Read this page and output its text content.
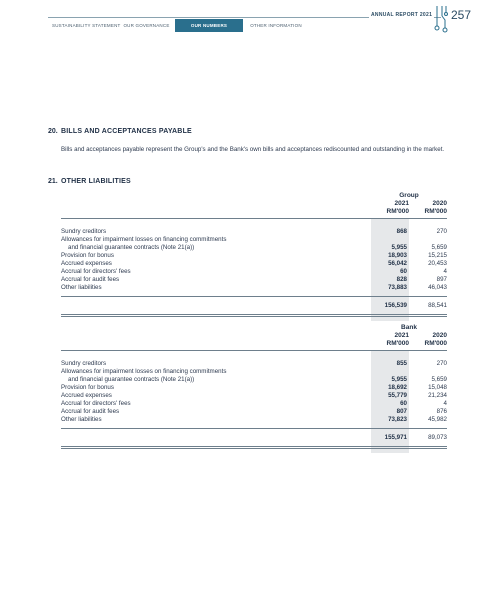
ANNUAL REPORT 2021 257
SUSTAINABILITY STATEMENT OUR GOVERNANCE	OUR NUMBERS	OTHER INFORMATION
20. BILLS AND ACCEPTANCES PAYABLE
Bills and acceptances payable represent the Group's and the Bank's own bills and acceptances rediscounted and outstanding in the market.
21. OTHER LIABILITIES
Group
2021
RM'000
2020
RM'000
Sundry creditors	868	270
Allowances for impairment losses on financing commitments
and financial guarantee contracts (Note 21(a))	5,955	5,659
Provision for bonus	18,903	15,215
Accrued expenses	56,042	20,453
Accrual for directors' fees	60	4
Accrual for audit fees	828	897
Other liabilities	73,883	46,043
156,539	88,541
Bank
2021
RM'000
2020
RM'000
Sundry creditors	855	270
Allowances for impairment losses on financing commitments
and financial guarantee contracts (Note 21(a))	5,955	5,659
Provision for bonus	18,692	15,048
Accrued expenses	55,779	21,234
Accrual for directors' fees	60	4
Accrual for audit fees	807	876
Other liabilities	73,823	45,982
155,971	89,073
